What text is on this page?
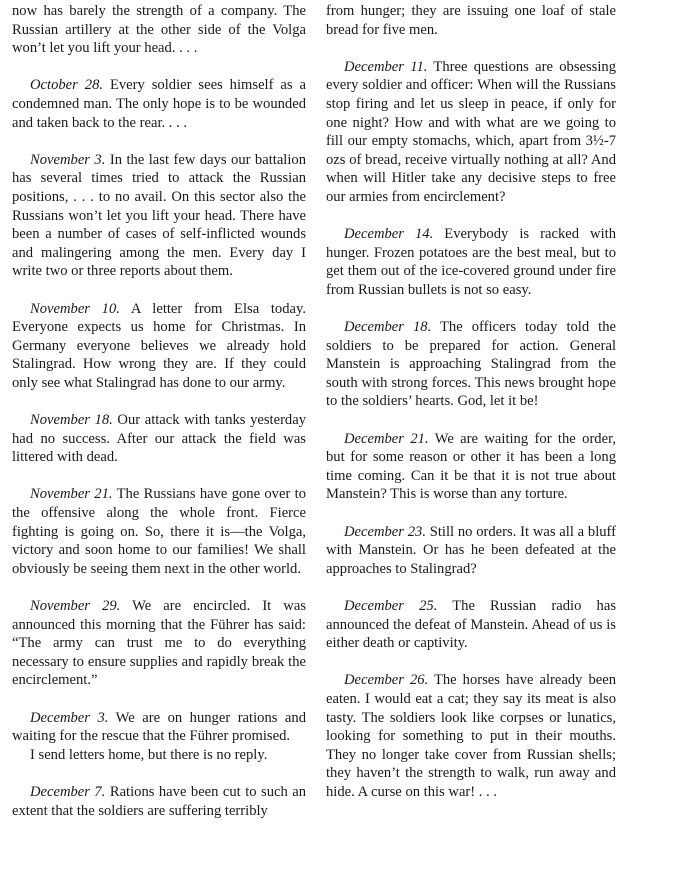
now has barely the strength of a company. The Russian artillery at the other side of the Volga won’t let you lift your head. . . .

October 28. Every soldier sees himself as a condemned man. The only hope is to be wounded and taken back to the rear. . . .

November 3. In the last few days our battalion has several times tried to attack the Russian positions, . . . to no avail. On this sector also the Russians won’t let you lift your head. There have been a number of cases of self-inflicted wounds and malingering among the men. Every day I write two or three reports about them.

November 10. A letter from Elsa today. Everyone expects us home for Christmas. In Germany everyone believes we already hold Stalingrad. How wrong they are. If they could only see what Stalingrad has done to our army.

November 18. Our attack with tanks yesterday had no success. After our attack the field was littered with dead.

November 21. The Russians have gone over to the offensive along the whole front. Fierce fighting is going on. So, there it is—the Volga, victory and soon home to our families! We shall obviously be seeing them next in the other world.

November 29. We are encircled. It was announced this morning that the Führer has said: “The army can trust me to do everything necessary to ensure supplies and rapidly break the encirclement.”

December 3. We are on hunger rations and waiting for the rescue that the Führer promised.

I send letters home, but there is no reply.

December 7. Rations have been cut to such an extent that the soldiers are suffering terribly

from hunger; they are issuing one loaf of stale bread for five men.

December 11. Three questions are obsessing every soldier and officer: When will the Russians stop firing and let us sleep in peace, if only for one night? How and with what are we going to fill our empty stomachs, which, apart from 3½-7 ozs of bread, receive virtually nothing at all? And when will Hitler take any decisive steps to free our armies from encirclement?

December 14. Everybody is racked with hunger. Frozen potatoes are the best meal, but to get them out of the ice-covered ground under fire from Russian bullets is not so easy.

December 18. The officers today told the soldiers to be prepared for action. General Manstein is approaching Stalingrad from the south with strong forces. This news brought hope to the soldiers’ hearts. God, let it be!

December 21. We are waiting for the order, but for some reason or other it has been a long time coming. Can it be that it is not true about Manstein? This is worse than any torture.

December 23. Still no orders. It was all a bluff with Manstein. Or has he been defeated at the approaches to Stalingrad?

December 25. The Russian radio has announced the defeat of Manstein. Ahead of us is either death or captivity.

December 26. The horses have already been eaten. I would eat a cat; they say its meat is also tasty. The soldiers look like corpses or lunatics, looking for something to put in their mouths. They no longer take cover from Russian shells; they haven’t the strength to walk, run away and hide. A curse on this war! . . .
